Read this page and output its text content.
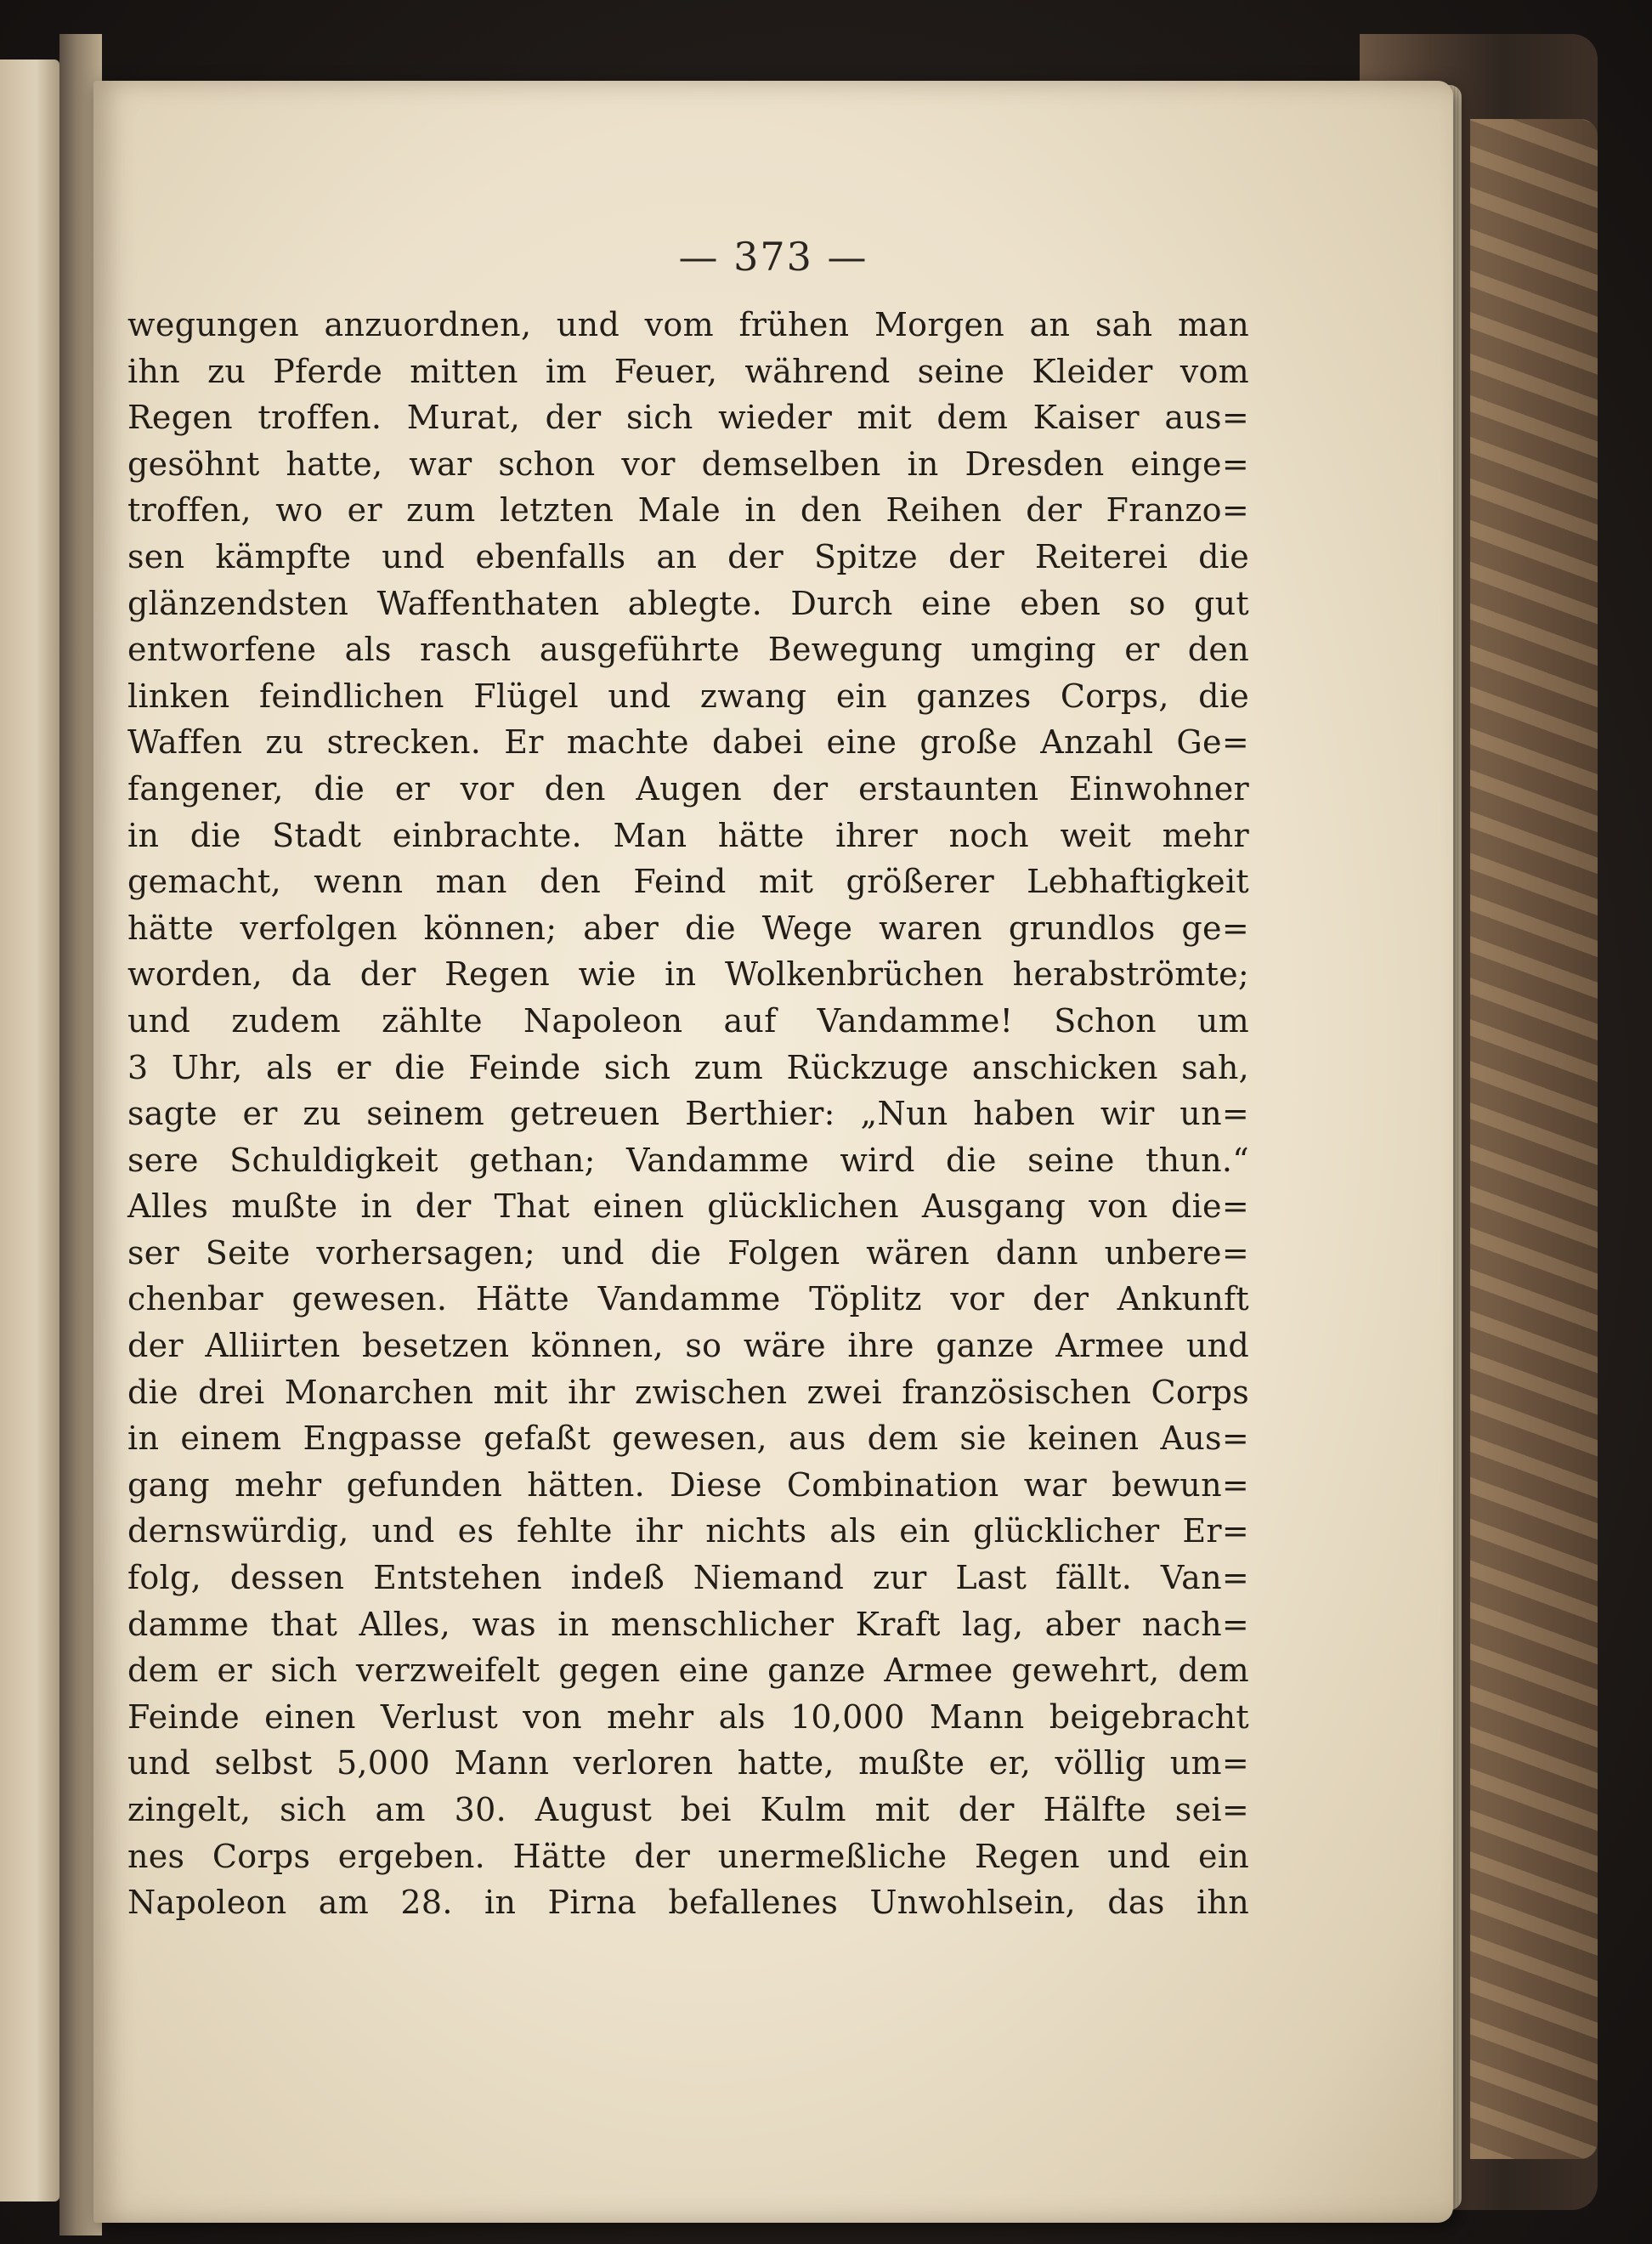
— 373 —
wegungen anzuordnen, und vom frühen Morgen an sah man
ihn zu Pferde mitten im Feuer, während seine Kleider vom
Regen troffen. Murat, der sich wieder mit dem Kaiser aus=
gesöhnt hatte, war schon vor demselben in Dresden einge=
troffen, wo er zum letzten Male in den Reihen der Franzo=
sen kämpfte und ebenfalls an der Spitze der Reiterei die
glänzendsten Waffenthaten ablegte. Durch eine eben so gut
entworfene als rasch ausgeführte Bewegung umging er den
linken feindlichen Flügel und zwang ein ganzes Corps, die
Waffen zu strecken. Er machte dabei eine große Anzahl Ge=
fangener, die er vor den Augen der erstaunten Einwohner
in die Stadt einbrachte. Man hätte ihrer noch weit mehr
gemacht, wenn man den Feind mit größerer Lebhaftigkeit
hätte verfolgen können; aber die Wege waren grundlos ge=
worden, da der Regen wie in Wolkenbrüchen herabströmte;
und zudem zählte Napoleon auf Vandamme! Schon um
3 Uhr, als er die Feinde sich zum Rückzuge anschicken sah,
sagte er zu seinem getreuen Berthier: „Nun haben wir un=
sere Schuldigkeit gethan; Vandamme wird die seine thun.“
Alles mußte in der That einen glücklichen Ausgang von die=
ser Seite vorhersagen; und die Folgen wären dann unbere=
chenbar gewesen. Hätte Vandamme Töplitz vor der Ankunft
der Alliirten besetzen können, so wäre ihre ganze Armee und
die drei Monarchen mit ihr zwischen zwei französischen Corps
in einem Engpasse gefaßt gewesen, aus dem sie keinen Aus=
gang mehr gefunden hätten. Diese Combination war bewun=
dernswürdig, und es fehlte ihr nichts als ein glücklicher Er=
folg, dessen Entstehen indeß Niemand zur Last fällt. Van=
damme that Alles, was in menschlicher Kraft lag, aber nach=
dem er sich verzweifelt gegen eine ganze Armee gewehrt, dem
Feinde einen Verlust von mehr als 10,000 Mann beigebracht
und selbst 5,000 Mann verloren hatte, mußte er, völlig um=
zingelt, sich am 30. August bei Kulm mit der Hälfte sei=
nes Corps ergeben. Hätte der unermeßliche Regen und ein
Napoleon am 28. in Pirna befallenes Unwohlsein, das ihn
